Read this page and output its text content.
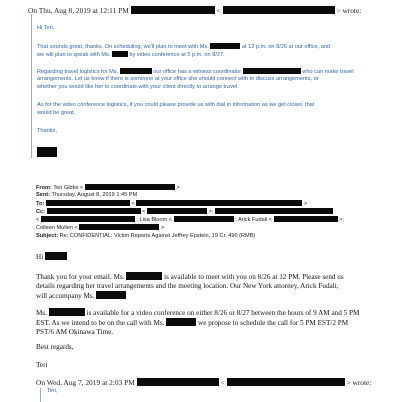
On Thu, Aug 8, 2019 at 12:11 PM	<	> wrote:

Hi Teri,

That sounds great, thanks. On scheduling, we'll plan to meet with Ms.	at 12 p.m. on 8/26 at our office, and

we will plan to speak with Ms.	by video conference at 5 p.m. on 8/27.

Regarding travel logistics for Ms.	our office has a witness coordinator	who can make travel

arrangements. Let us know if there is someone at your office she should connect with to discuss arrangements, or

whether you would like her to coordinate with your client directly to arrange travel.

As for the video conference logistics, if you could please provide us with dial in information as we get closer, that

would be great.

Thanks,

From: Teri Gibbs <	>
Sent: Thursday, August 8, 2019 1:45 PM
To:	<	>
Cc:	<	>;
<	; Lisa Bloom <	; Arick Fudali <	>;
Colleen Mullen <	>
Subject: Re: CONFIDENTIAL: Victim Reports Against Jeffrey Epstein, 19 Cr. 490 (RMB)
Hi

Thank you for your email. Ms.	is available to meet with you on 8/26 at 12 PM. Please send us

details regarding her travel arrangements and the meeting location. Our New York attorney, Arick Fudali,

will accompany Ms.

Ms.	is available for a video conference on either 8/26 or 8/27 between the hours of 9 AM and 5 PM

EST. As we intend to be on the call with Ms.	we propose to schedule the call for 5 PM EST/2 PM

PST/6 AM Okinawa Time.

Best regards,
Teri
On Wed, Aug 7, 2019 at 2:03 PM	<	> wrote:
Teri,
